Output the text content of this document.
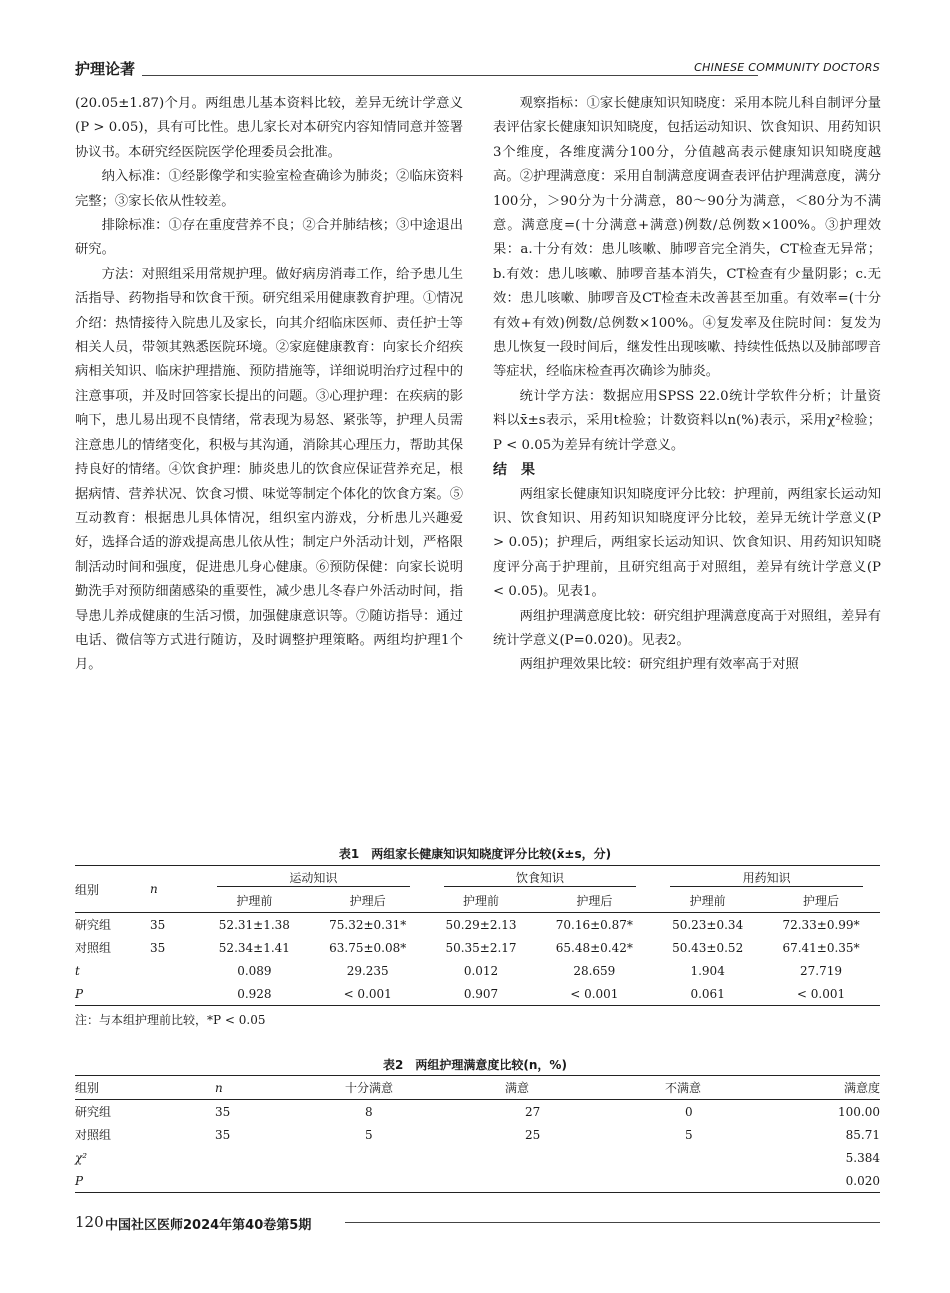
护理论著	CHINESE COMMUNITY DOCTORS

(20.05±1.87)个月。两组患儿基本资料比较，差异无统计学意义(P > 0.05)，具有可比性。患儿家长对本研究内容知情同意并签署协议书。本研究经医院医学伦理委员会批准。

纳入标准：①经影像学和实验室检查确诊为肺炎；②临床资料完整；③家长依从性较差。

排除标准：①存在重度营养不良；②合并肺结核；③中途退出研究。

方法：对照组采用常规护理。做好病房消毒工作，给予患儿生活指导、药物指导和饮食干预。研究组采用健康教育护理。①情况介绍：热情接待入院患儿及家长，向其介绍临床医师、责任护士等相关人员，带领其熟悉医院环境。②家庭健康教育：向家长介绍疾病相关知识、临床护理措施、预防措施等，详细说明治疗过程中的注意事项，并及时回答家长提出的问题。③心理护理：在疾病的影响下，患儿易出现不良情绪，常表现为易怒、紧张等，护理人员需注意患儿的情绪变化，积极与其沟通，消除其心理压力，帮助其保持良好的情绪。④饮食护理：肺炎患儿的饮食应保证营养充足，根据病情、营养状况、饮食习惯、味觉等制定个体化的饮食方案。⑤互动教育：根据患儿具体情况，组织室内游戏，分析患儿兴趣爱好，选择合适的游戏提高患儿依从性；制定户外活动计划，严格限制活动时间和强度，促进患儿身心健康。⑥预防保健：向家长说明勤洗手对预防细菌感染的重要性，减少患儿冬春户外活动时间，指导患儿养成健康的生活习惯，加强健康意识等。⑦随访指导：通过电话、微信等方式进行随访，及时调整护理策略。两组均护理1个月。

观察指标：①家长健康知识知晓度：采用本院儿科自制评分量表评估家长健康知识知晓度，包括运动知识、饮食知识、用药知识3个维度，各维度满分100分，分值越高表示健康知识知晓度越高。②护理满意度：采用自制满意度调查表评估护理满意度，满分100分，＞90分为十分满意，80～90分为满意，＜80分为不满意。满意度=(十分满意+满意)例数/总例数×100%。③护理效果：a.十分有效：患儿咳嗽、肺啰音完全消失，CT检查无异常；b.有效：患儿咳嗽、肺啰音基本消失，CT检查有少量阴影；c.无效：患儿咳嗽、肺啰音及CT检查未改善甚至加重。有效率=(十分有效+有效)例数/总例数×100%。④复发率及住院时间：复发为患儿恢复一段时间后，继发性出现咳嗽、持续性低热以及肺部啰音等症状，经临床检查再次确诊为肺炎。

统计学方法：数据应用SPSS 22.0统计学软件分析；计量资料以x̄±s表示，采用t检验；计数资料以n(%)表示，采用χ²检验；P < 0.05为差异有统计学意义。

结　果

两组家长健康知识知晓度评分比较：护理前，两组家长运动知识、饮食知识、用药知识知晓度评分比较，差异无统计学意义(P > 0.05)；护理后，两组家长运动知识、饮食知识、用药知识知晓度评分高于护理前，且研究组高于对照组，差异有统计学意义(P < 0.05)。见表1。

两组护理满意度比较：研究组护理满意度高于对照组，差异有统计学意义(P=0.020)。见表2。

两组护理效果比较：研究组护理有效率高于对照

表1　两组家长健康知识知晓度评分比较(x̄±s，分)
组别	n	运动知识		饮食知识		用药知识	
		护理前	护理后	护理前	护理后	护理前	护理后
研究组	35	52.31±1.38	75.32±0.31*	50.29±2.13	70.16±0.87*	50.23±0.34	72.33±0.99*
对照组	35	52.34±1.41	63.75±0.08*	50.35±2.17	65.48±0.42*	50.43±0.52	67.41±0.35*
t		0.089	29.235	0.012	28.659	1.904	27.719
P		0.928	< 0.001	0.907	< 0.001	0.061	< 0.001
注：与本组护理前比较，*P < 0.05
表2　两组护理满意度比较(n，%)
组别	n	十分满意	满意	不满意	满意度
研究组	35	8	27	0	100.00
对照组	35	5	25	5	85.71
χ²					5.384
P					0.020
120 中国社区医师2024年第40卷第5期
